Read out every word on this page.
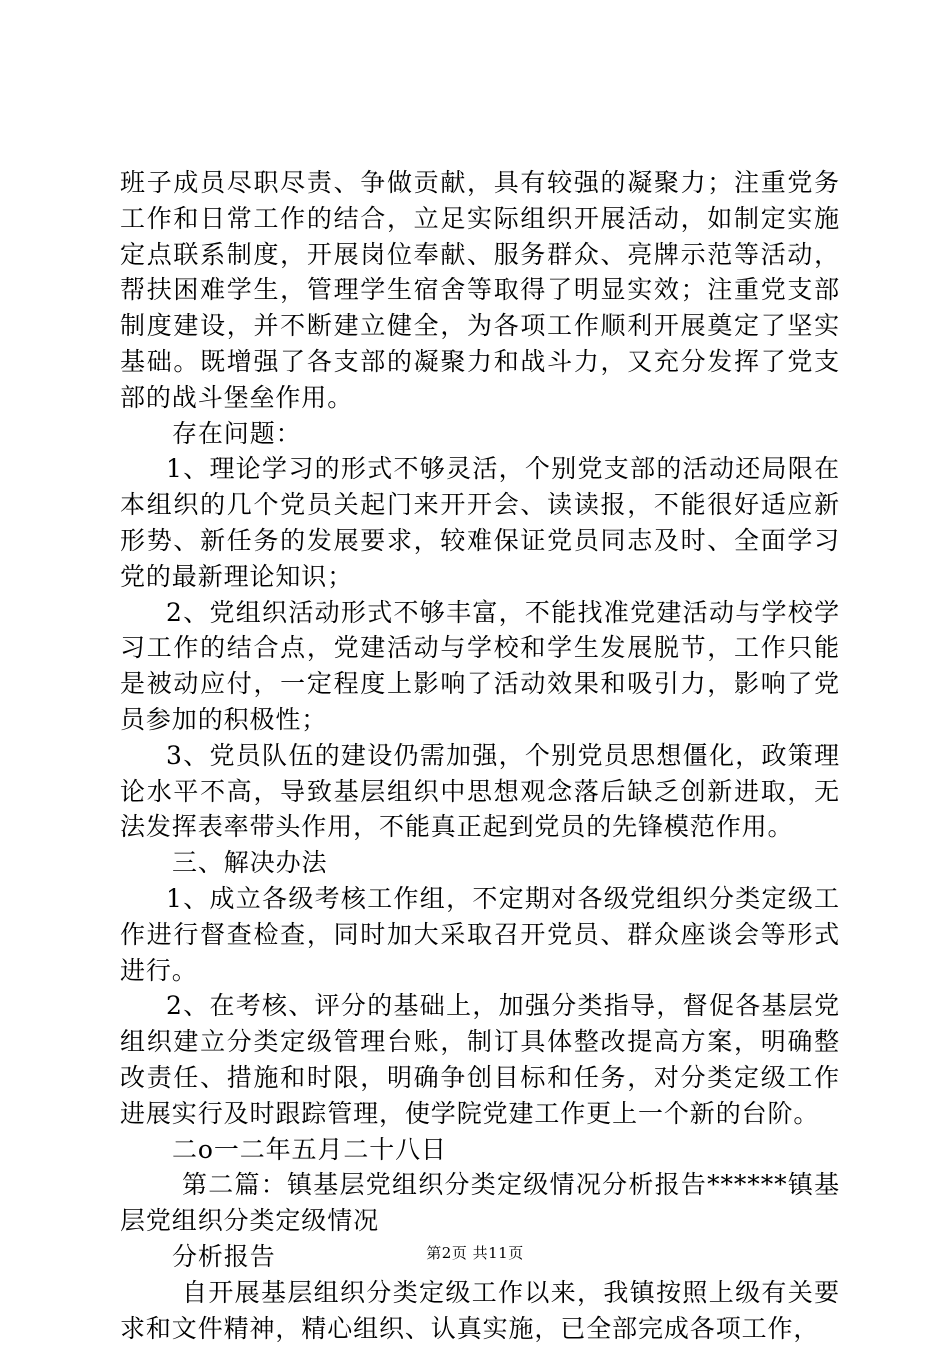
班子成员尽职尽责、争做贡献，具有较强的凝聚力；注重党务工作和日常工作的结合，立足实际组织开展活动，如制定实施定点联系制度，开展岗位奉献、服务群众、亮牌示范等活动，帮扶困难学生，管理学生宿舍等取得了明显实效；注重党支部制度建设，并不断建立健全，为各项工作顺利开展奠定了坚实基础。既增强了各支部的凝聚力和战斗力，又充分发挥了党支部的战斗堡垒作用。

存在问题：

1、理论学习的形式不够灵活，个别党支部的活动还局限在本组织的几个党员关起门来开开会、读读报，不能很好适应新形势、新任务的发展要求，较难保证党员同志及时、全面学习党的最新理论知识；

2、党组织活动形式不够丰富，不能找准党建活动与学校学习工作的结合点，党建活动与学校和学生发展脱节，工作只能是被动应付，一定程度上影响了活动效果和吸引力，影响了党员参加的积极性；

3、党员队伍的建设仍需加强，个别党员思想僵化，政策理论水平不高，导致基层组织中思想观念落后缺乏创新进取，无法发挥表率带头作用，不能真正起到党员的先锋模范作用。

三、解决办法

1、成立各级考核工作组，不定期对各级党组织分类定级工作进行督查检查，同时加大采取召开党员、群众座谈会等形式进行。

2、在考核、评分的基础上，加强分类指导，督促各基层党组织建立分类定级管理台账，制订具体整改提高方案，明确整改责任、措施和时限，明确争创目标和任务，对分类定级工作进展实行及时跟踪管理，使学院党建工作更上一个新的台阶。

二o一二年五月二十八日

第二篇：镇基层党组织分类定级情况分析报告******镇基层党组织分类定级情况

分析报告

自开展基层组织分类定级工作以来，我镇按照上级有关要求和文件精神，精心组织、认真实施，已全部完成各项工作，

第2页 共11页
